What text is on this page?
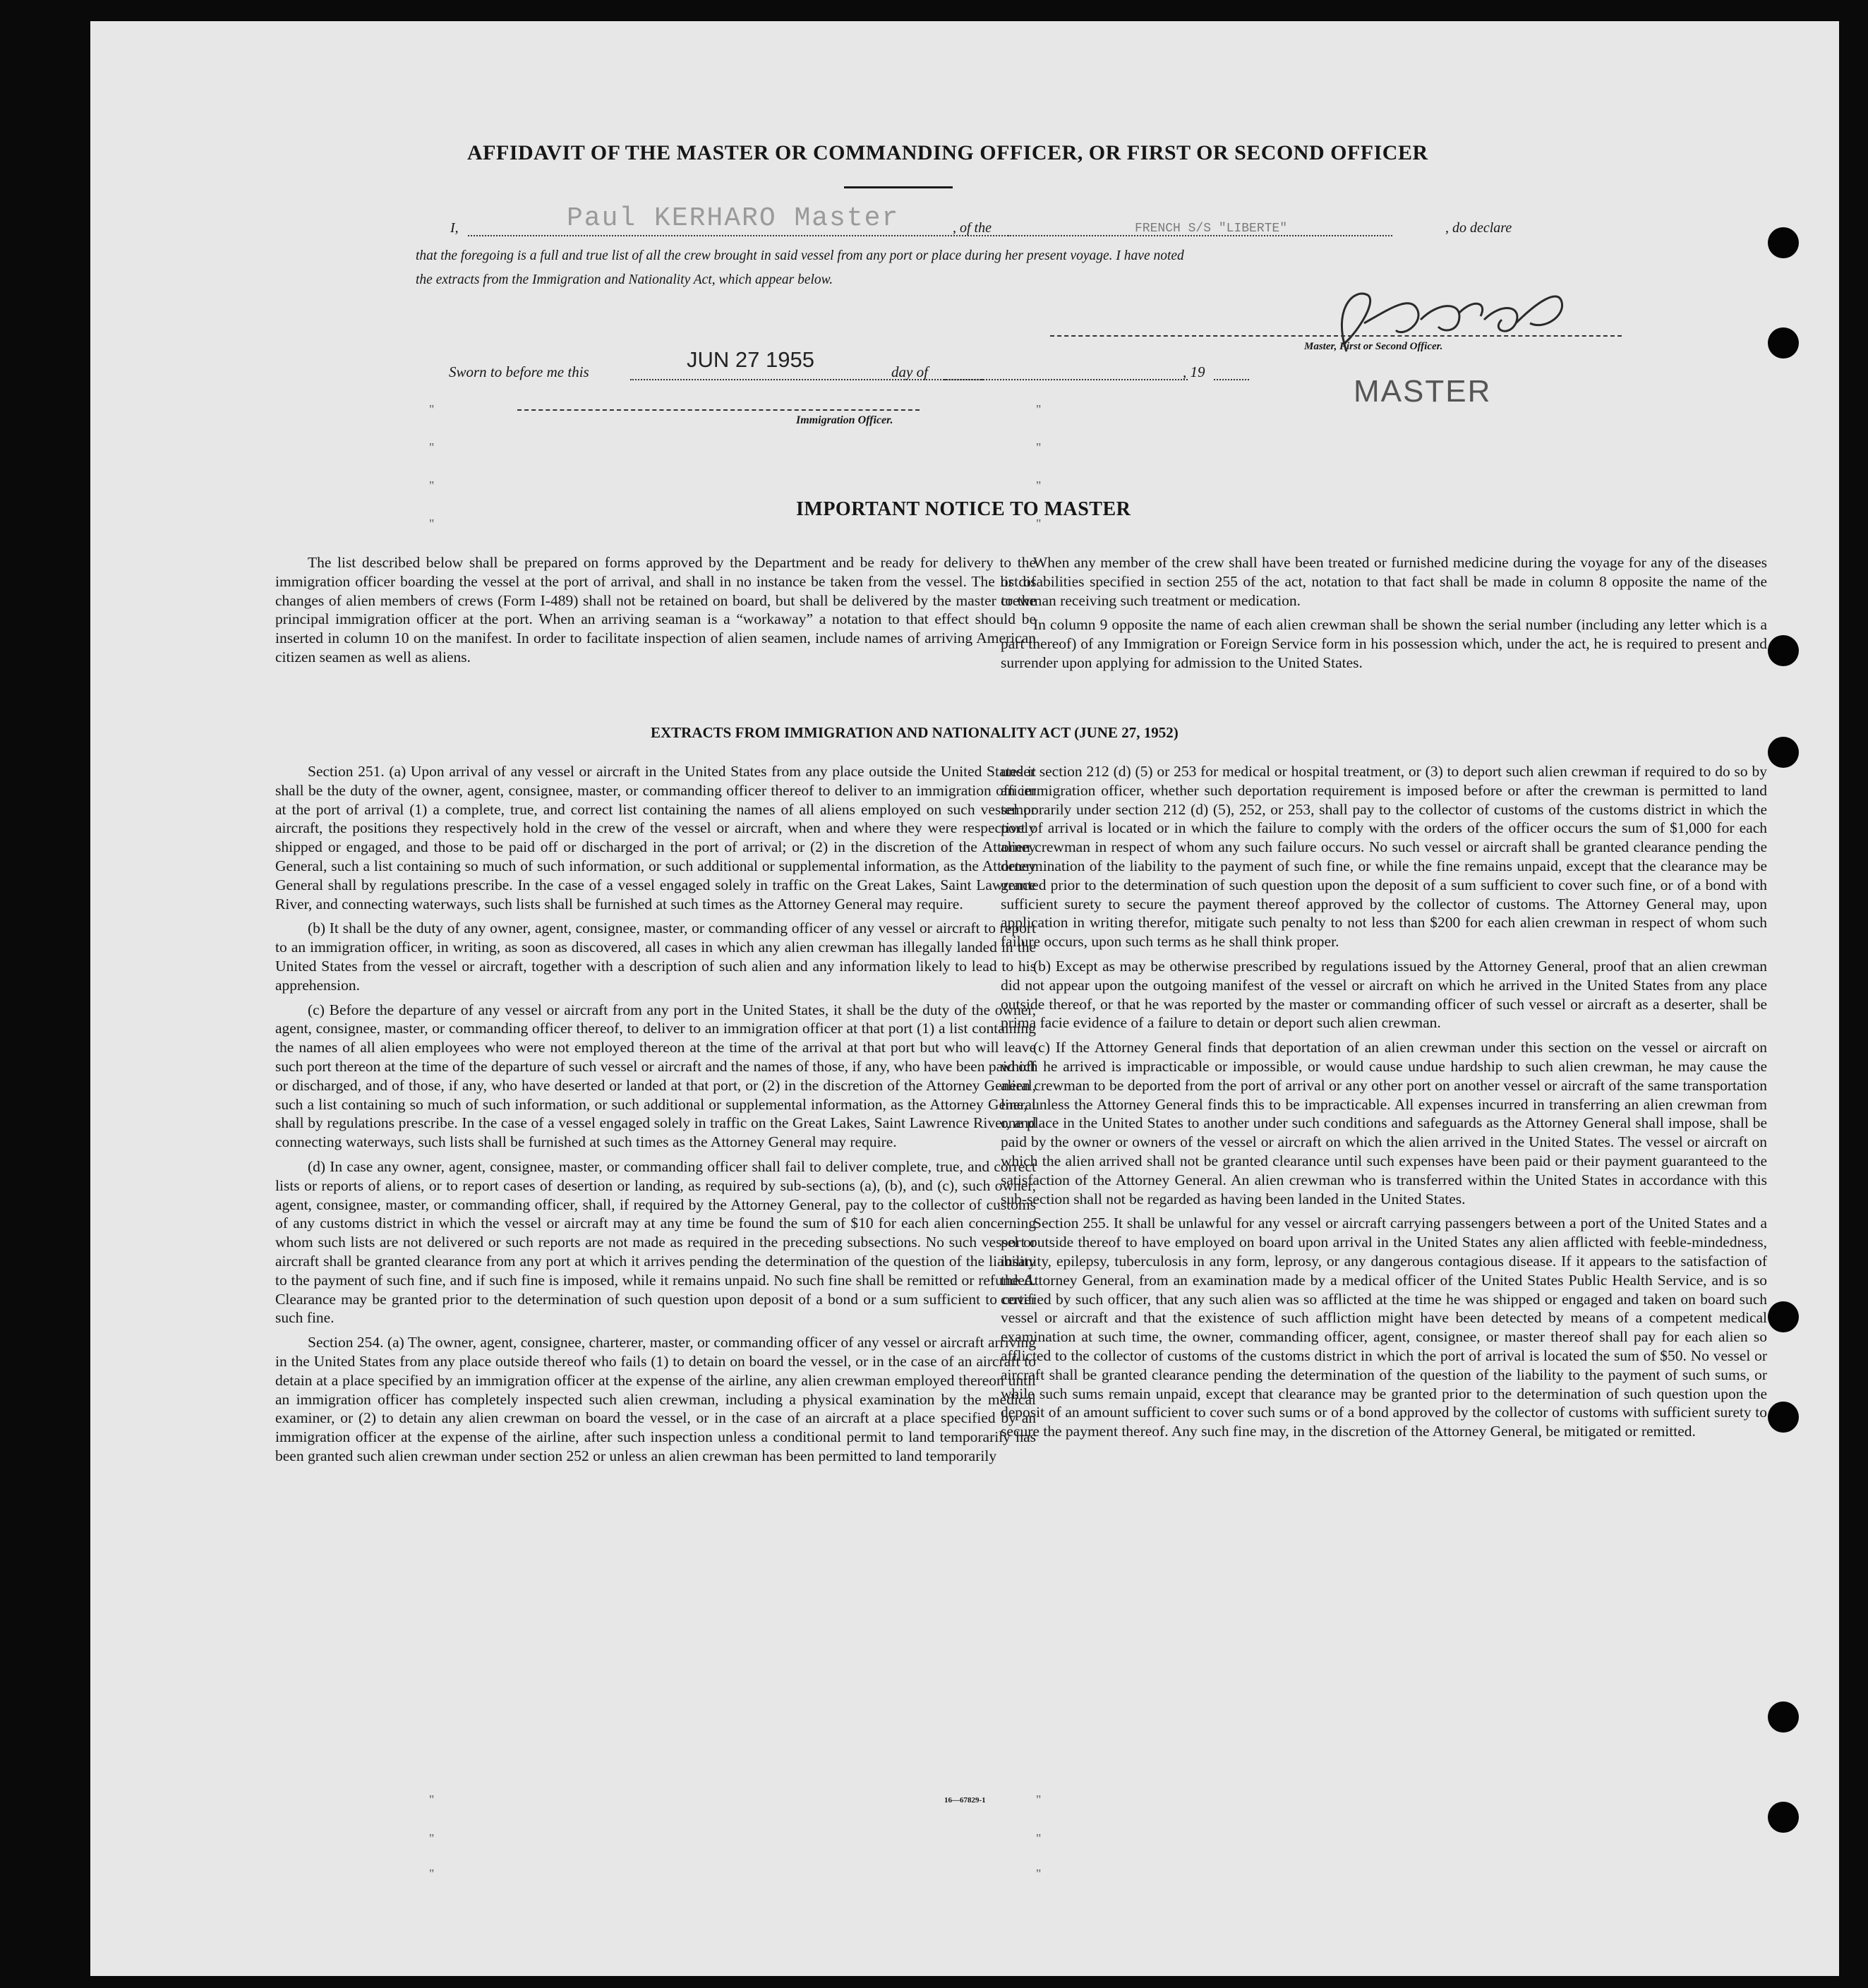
AFFIDAVIT OF THE MASTER OR COMMANDING OFFICER, OR FIRST OR SECOND OFFICER
I,	Paul KERHARO Master	, of the	FRENCH S/S "LIBERTE"	, do declare
that the foregoing is a full and true list of all the crew brought in said vessel from any port or place during her present voyage. I have noted
the extracts from the Immigration and Nationality Act, which appear below.
Master, First or Second Officer.
MASTER
Sworn to before me this	JUN 27 1955	day of	, 19
Immigration Officer.
"
"
"
"
"
"
"
"
"
"
"
"
"
"
IMPORTANT NOTICE TO MASTER

The list described below shall be prepared on forms approved by the Department and be ready for delivery to the immigration officer boarding the vessel at the port of arrival, and shall in no instance be taken from the vessel. The list of changes of alien members of crews (Form I-489) shall not be retained on board, but shall be delivered by the master to the principal immigration officer at the port. When an arriving seaman is a “workaway” a notation to that effect should be inserted in column 10 on the manifest. In order to facilitate inspection of alien seamen, include names of arriving American citizen seamen as well as aliens.

When any member of the crew shall have been treated or furnished medicine during the voyage for any of the diseases or disabilities specified in section 255 of the act, notation to that fact shall be made in column 8 opposite the name of the crewman receiving such treatment or medication.

In column 9 opposite the name of each alien crewman shall be shown the serial number (including any letter which is a part thereof) of any Immigration or Foreign Service form in his possession which, under the act, he is required to present and surrender upon applying for admission to the United States.

EXTRACTS FROM IMMIGRATION AND NATIONALITY ACT (JUNE 27, 1952)

Section 251. (a) Upon arrival of any vessel or aircraft in the United States from any place outside the United States it shall be the duty of the owner, agent, consignee, master, or commanding officer thereof to deliver to an immigration officer at the port of arrival (1) a complete, true, and correct list containing the names of all aliens employed on such vessel or aircraft, the positions they respectively hold in the crew of the vessel or aircraft, when and where they were respectively shipped or engaged, and those to be paid off or discharged in the port of arrival; or (2) in the discretion of the Attorney General, such a list containing so much of such information, or such additional or supplemental information, as the Attorney General shall by regulations prescribe. In the case of a vessel engaged solely in traffic on the Great Lakes, Saint Lawrence River, and connecting waterways, such lists shall be furnished at such times as the Attorney General may require.

(b) It shall be the duty of any owner, agent, consignee, master, or commanding officer of any vessel or aircraft to report to an immigration officer, in writing, as soon as discovered, all cases in which any alien crewman has illegally landed in the United States from the vessel or aircraft, together with a description of such alien and any information likely to lead to his apprehension.

(c) Before the departure of any vessel or aircraft from any port in the United States, it shall be the duty of the owner, agent, consignee, master, or commanding officer thereof, to deliver to an immigration officer at that port (1) a list containing the names of all alien employees who were not employed thereon at the time of the arrival at that port but who will leave such port thereon at the time of the departure of such vessel or aircraft and the names of those, if any, who have been paid off or discharged, and of those, if any, who have deserted or landed at that port, or (2) in the discretion of the Attorney General, such a list containing so much of such information, or such additional or supplemental information, as the Attorney General shall by regulations prescribe. In the case of a vessel engaged solely in traffic on the Great Lakes, Saint Lawrence River, and connecting waterways, such lists shall be furnished at such times as the Attorney General may require.

(d) In case any owner, agent, consignee, master, or commanding officer shall fail to deliver complete, true, and correct lists or reports of aliens, or to report cases of desertion or landing, as required by sub-sections (a), (b), and (c), such owner, agent, consignee, master, or commanding officer, shall, if required by the Attorney General, pay to the collector of customs of any customs district in which the vessel or aircraft may at any time be found the sum of $10 for each alien concerning whom such lists are not delivered or such reports are not made as required in the preceding subsections. No such vessel or aircraft shall be granted clearance from any port at which it arrives pending the determination of the question of the liability to the payment of such fine, and if such fine is imposed, while it remains unpaid. No such fine shall be remitted or refunded. Clearance may be granted prior to the determination of such question upon deposit of a bond or a sum sufficient to cover such fine.

Section 254. (a) The owner, agent, consignee, charterer, master, or commanding officer of any vessel or aircraft arriving in the United States from any place outside thereof who fails (1) to detain on board the vessel, or in the case of an aircraft to detain at a place specified by an immigration officer at the expense of the airline, any alien crewman employed thereon until an immigration officer has completely inspected such alien crewman, including a physical examination by the medical examiner, or (2) to detain any alien crewman on board the vessel, or in the case of an aircraft at a place specified by an immigration officer at the expense of the airline, after such inspection unless a conditional permit to land temporarily has been granted such alien crewman under section 252 or unless an alien crewman has been permitted to land temporarily

under section 212 (d) (5) or 253 for medical or hospital treatment, or (3) to deport such alien crewman if required to do so by an immigration officer, whether such deportation requirement is imposed before or after the crewman is permitted to land temporarily under section 212 (d) (5), 252, or 253, shall pay to the collector of customs of the customs district in which the port of arrival is located or in which the failure to comply with the orders of the officer occurs the sum of $1,000 for each alien crewman in respect of whom any such failure occurs. No such vessel or aircraft shall be granted clearance pending the determination of the liability to the payment of such fine, or while the fine remains unpaid, except that the clearance may be granted prior to the determination of such question upon the deposit of a sum sufficient to cover such fine, or of a bond with sufficient surety to secure the payment thereof approved by the collector of customs. The Attorney General may, upon application in writing therefor, mitigate such penalty to not less than $200 for each alien crewman in respect of whom such failure occurs, upon such terms as he shall think proper.

(b) Except as may be otherwise prescribed by regulations issued by the Attorney General, proof that an alien crewman did not appear upon the outgoing manifest of the vessel or aircraft on which he arrived in the United States from any place outside thereof, or that he was reported by the master or commanding officer of such vessel or aircraft as a deserter, shall be prima facie evidence of a failure to detain or deport such alien crewman.

(c) If the Attorney General finds that deportation of an alien crewman under this section on the vessel or aircraft on which he arrived is impracticable or impossible, or would cause undue hardship to such alien crewman, he may cause the alien crewman to be deported from the port of arrival or any other port on another vessel or aircraft of the same transportation line, unless the Attorney General finds this to be impracticable. All expenses incurred in transferring an alien crewman from one place in the United States to another under such conditions and safeguards as the Attorney General shall impose, shall be paid by the owner or owners of the vessel or aircraft on which the alien arrived in the United States. The vessel or aircraft on which the alien arrived shall not be granted clearance until such expenses have been paid or their payment guaranteed to the satisfaction of the Attorney General. An alien crewman who is transferred within the United States in accordance with this sub-section shall not be regarded as having been landed in the United States.

Section 255. It shall be unlawful for any vessel or aircraft carrying passengers between a port of the United States and a port outside thereof to have employed on board upon arrival in the United States any alien afflicted with feeble-mindedness, insanity, epilepsy, tuberculosis in any form, leprosy, or any dangerous contagious disease. If it appears to the satisfaction of the Attorney General, from an examination made by a medical officer of the United States Public Health Service, and is so certified by such officer, that any such alien was so afflicted at the time he was shipped or engaged and taken on board such vessel or aircraft and that the existence of such affliction might have been detected by means of a competent medical examination at such time, the owner, commanding officer, agent, consignee, or master thereof shall pay for each alien so afflicted to the collector of customs of the customs district in which the port of arrival is located the sum of $50. No vessel or aircraft shall be granted clearance pending the determination of the question of the liability to the payment of such sums, or while such sums remain unpaid, except that clearance may be granted prior to the determination of such question upon the deposit of an amount sufficient to cover such sums or of a bond approved by the collector of customs with sufficient surety to secure the payment thereof. Any such fine may, in the discretion of the Attorney General, be mitigated or remitted.

16—67829-1
